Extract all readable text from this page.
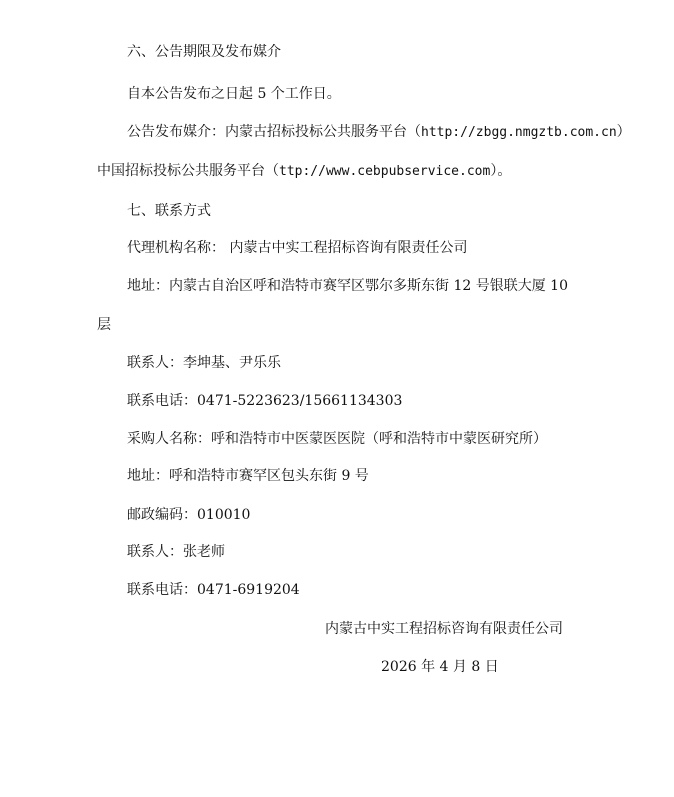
六、公告期限及发布媒介
自本公告发布之日起 5 个工作日。
公告发布媒介：内蒙古招标投标公共服务平台（http://zbgg.nmgztb.com.cn）
中国招标投标公共服务平台（ttp://www.cebpubservice.com）。
七、联系方式
代理机构名称： 内蒙古中实工程招标咨询有限责任公司
地址：内蒙古自治区呼和浩特市赛罕区鄂尔多斯东街 12 号银联大厦 10
层
联系人：李坤基、尹乐乐
联系电话：0471-5223623/15661134303
采购人名称：呼和浩特市中医蒙医医院（呼和浩特市中蒙医研究所）
地址：呼和浩特市赛罕区包头东街 9 号
邮政编码：010010
联系人：张老师
联系电话：0471-6919204
内蒙古中实工程招标咨询有限责任公司
2026 年 4 月 8 日
